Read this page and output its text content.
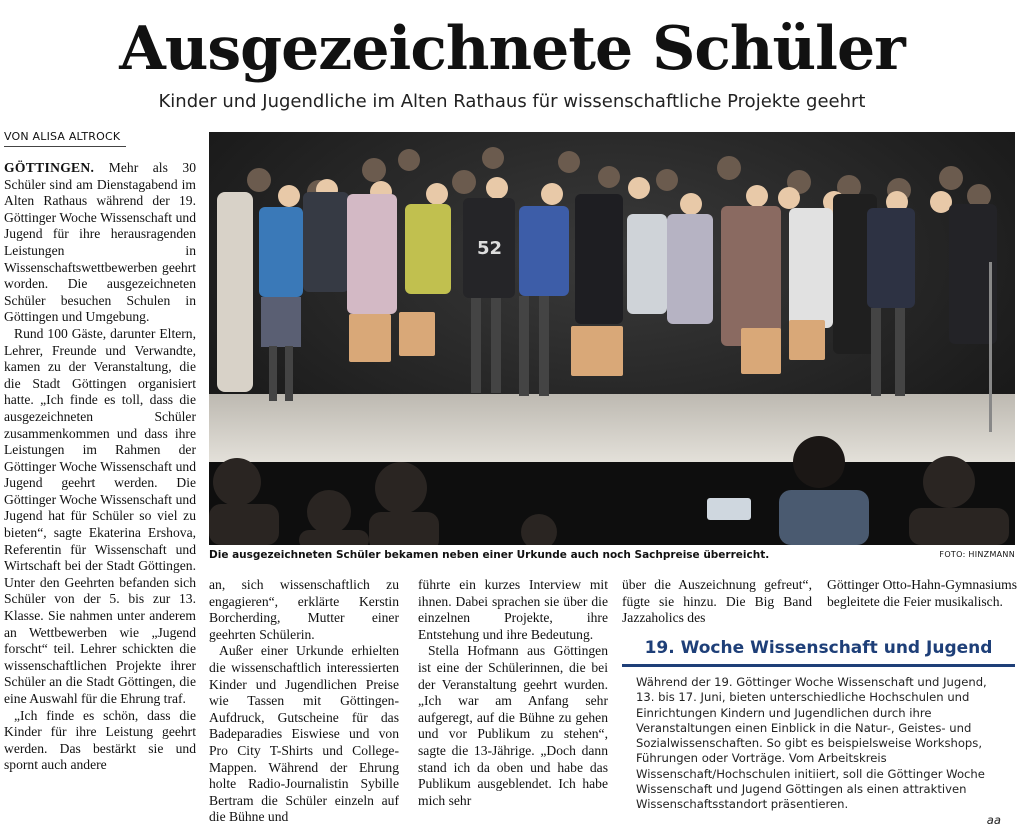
Ausgezeichnete Schüler
Kinder und Jugendliche im Alten Rathaus für wissenschaftliche Projekte geehrt
VON ALISA ALTROCK

GÖTTINGEN. Mehr als 30 Schüler sind am Dienstagabend im Alten Rathaus während der 19. Göttinger Woche Wissenschaft und Jugend für ihre herausragenden Leistungen in Wissenschaftswettbewerben geehrt worden. Die ausgezeichneten Schüler besuchen Schulen in Göttingen und Umgebung.

Rund 100 Gäste, darunter Eltern, Lehrer, Freunde und Verwandte, kamen zu der Veranstaltung, die die Stadt Göttingen organisiert hatte. „Ich finde es toll, dass die ausgezeichneten Schüler zusammenkommen und dass ihre Leistungen im Rahmen der Göttinger Woche Wissenschaft und Jugend geehrt werden. Die Göttinger Woche Wissenschaft und Jugend hat für Schüler so viel zu bieten“, sagte Ekaterina Ershova, Referentin für Wissenschaft und Wirtschaft bei der Stadt Göttingen. Unter den Geehrten befanden sich Schüler von der 5. bis zur 13. Klasse. Sie nahmen unter anderem an Wettbewerben wie „Jugend forscht“ teil. Lehrer schickten die wissenschaftlichen Projekte ihrer Schüler an die Stadt Göttingen, die eine Auswahl für die Ehrung traf.

„Ich finde es schön, dass die Kinder für ihre Leistung geehrt werden. Das bestärkt sie und spornt auch andere

52
Die ausgezeichneten Schüler bekamen neben einer Urkunde auch noch Sachpreise überreicht.	FOTO: HINZMANN

an, sich wissenschaftlich zu engagieren“, erklärte Kerstin Borcherding, Mutter einer geehrten Schülerin.

Außer einer Urkunde erhielten die wissenschaftlich interessierten Kinder und Jugendlichen Preise wie Tassen mit Göttingen-Aufdruck, Gutscheine für das Badeparadies Eiswiese und von Pro City T-Shirts und College-Mappen. Während der Ehrung holte Radio-Journalistin Sybille Bertram die Schüler einzeln auf die Bühne und

führte ein kurzes Interview mit ihnen. Dabei sprachen sie über die einzelnen Projekte, ihre Entstehung und ihre Bedeutung.

Stella Hofmann aus Göttingen ist eine der Schülerinnen, die bei der Veranstaltung geehrt wurden. „Ich war am Anfang sehr aufgeregt, auf die Bühne zu gehen und vor Publikum zu stehen“, sagte die 13-Jährige. „Doch dann stand ich da oben und habe das Publikum ausgeblendet. Ich habe mich sehr

über die Auszeichnung gefreut“, fügte sie hinzu. Die Big Band Jazzaholics des

Göttinger Otto-Hahn-Gymnasiums begleitete die Feier musikalisch.

19. Woche Wissenschaft und Jugend
Während der 19. Göttinger Woche Wissenschaft und Jugend, 13. bis 17. Juni, bieten unterschiedliche Hochschulen und Einrichtungen Kindern und Jugendlichen durch ihre Veranstaltungen einen Einblick in die Natur-, Geistes- und Sozialwissenschaften. So gibt es beispielsweise Workshops, Führungen oder Vorträge. Vom Arbeitskreis Wissenschaft/Hochschulen initiiert, soll die Göttinger Woche Wissenschaft und Jugend Göttingen als einen attraktiven Wissenschaftsstandort präsentieren.
aa
